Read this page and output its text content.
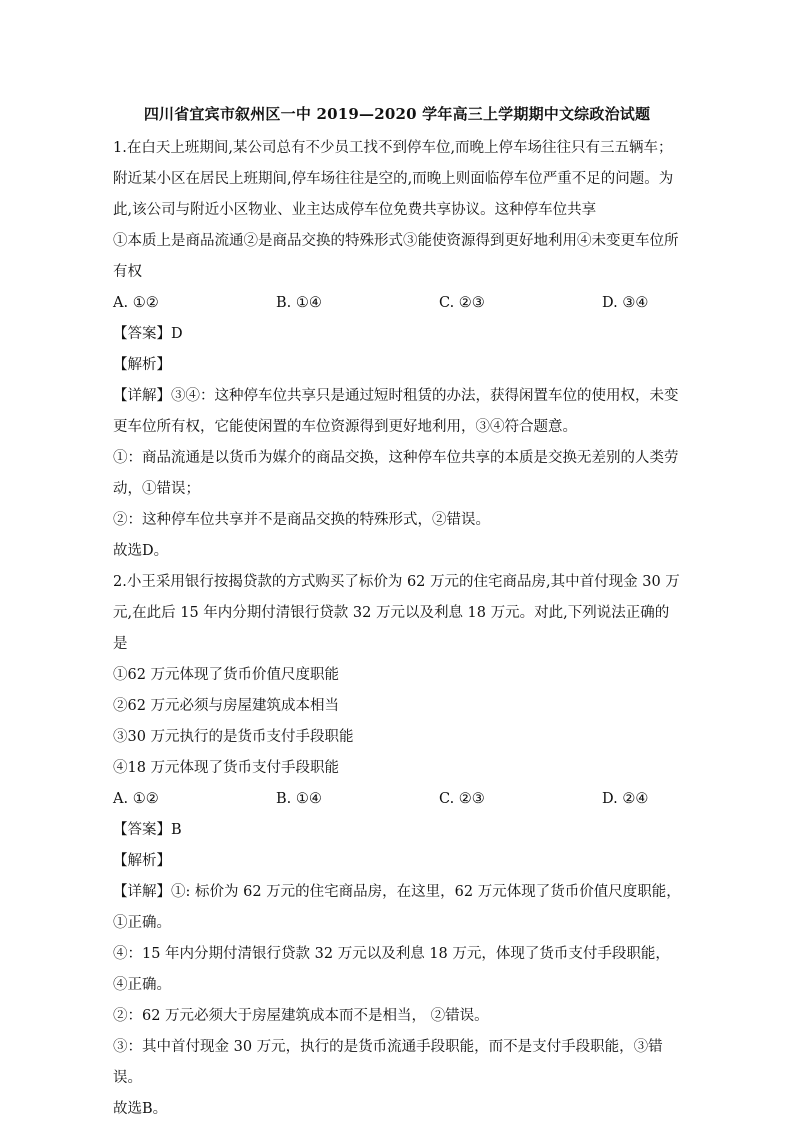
四川省宜宾市叙州区一中 2019—2020 学年高三上学期期中文综政治试题

1.在白天上班期间,某公司总有不少员工找不到停车位,而晚上停车场往往只有三五辆车；附近某小区在居民上班期间,停车场往往是空的,而晚上则面临停车位严重不足的问题。为此,该公司与附近小区物业、业主达成停车位免费共享协议。这种停车位共享

①本质上是商品流通②是商品交换的特殊形式③能使资源得到更好地利用④未变更车位所有权

A. ①②	B. ①④	C. ②③	D. ③④

【答案】D

【解析】

【详解】③④：这种停车位共享只是通过短时租赁的办法，获得闲置车位的使用权，未变更车位所有权，它能使闲置的车位资源得到更好地利用，③④符合题意。

①：商品流通是以货币为媒介的商品交换，这种停车位共享的本质是交换无差别的人类劳动，①错误；

②：这种停车位共享并不是商品交换的特殊形式，②错误。

故选D。

2.小王采用银行按揭贷款的方式购买了标价为 62 万元的住宅商品房,其中首付现金 30 万元,在此后 15 年内分期付清银行贷款 32 万元以及利息 18 万元。对此,下列说法正确的是

①62 万元体现了货币价值尺度职能

②62 万元必须与房屋建筑成本相当

③30 万元执行的是货币支付手段职能

④18 万元体现了货币支付手段职能

A. ①②	B. ①④	C. ②③	D. ②④

【答案】B

【解析】

【详解】①: 标价为 62 万元的住宅商品房，在这里，62 万元体现了货币价值尺度职能，①正确。

④：15 年内分期付清银行贷款 32 万元以及利息 18 万元，体现了货币支付手段职能，④正确。

②：62 万元必须大于房屋建筑成本而不是相当， ②错误。

③：其中首付现金 30 万元，执行的是货币流通手段职能，而不是支付手段职能，③错误。

故选B。
